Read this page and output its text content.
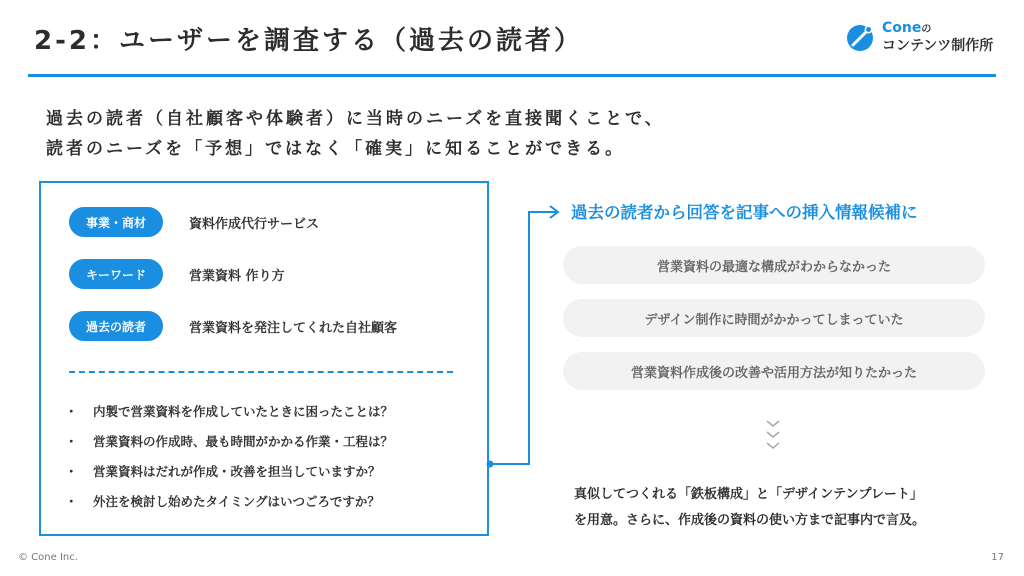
2-2：ユーザーを調査する（過去の読者）	Coneの
コンテンツ制作所
過去の読者（自社顧客や体験者）に当時のニーズを直接聞くことで、
読者のニーズを「予想」ではなく「確実」に知ることができる。
事業・商材	資料作成代行サービス
キーワード	営業資料 作り方
過去の読者	営業資料を発注してくれた自社顧客
・	内製で営業資料を作成していたときに困ったことは？
・	営業資料の作成時、最も時間がかかる作業・工程は？
・	営業資料はだれが作成・改善を担当していますか？
・	外注を検討し始めたタイミングはいつごろですか？
過去の読者から回答を記事への挿入情報候補に
営業資料の最適な構成がわからなかった
デザイン制作に時間がかかってしまっていた
営業資料作成後の改善や活用方法が知りたかった
真似してつくれる「鉄板構成」と「デザインテンプレート」
を用意。さらに、作成後の資料の使い方まで記事内で言及。
© Cone Inc.	17
